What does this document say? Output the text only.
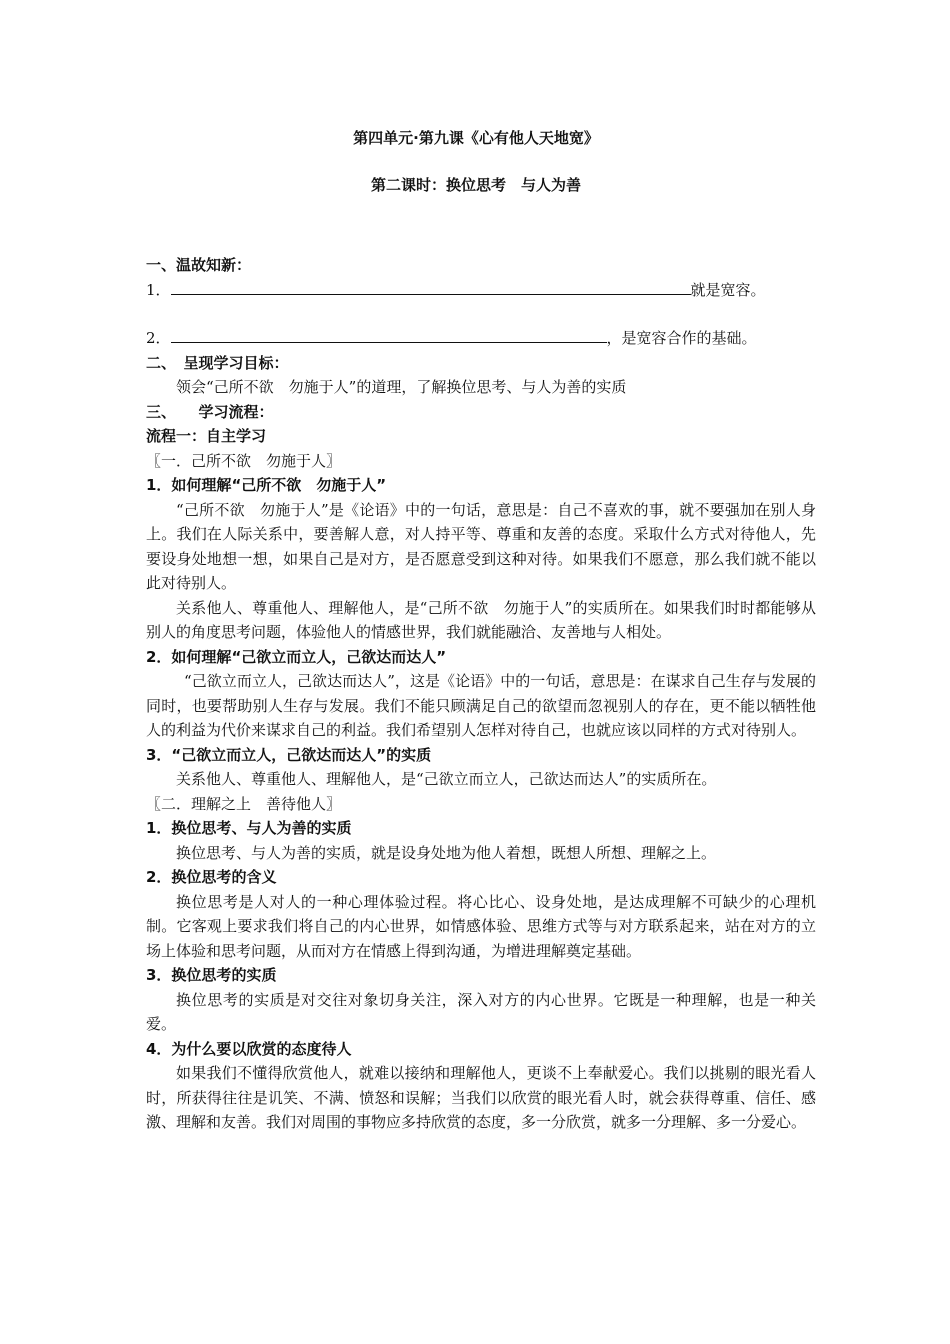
第四单元·第九课《心有他人天地宽》
第二课时：换位思考　与人为善
一、温故知新：
1．	就是宽容。
2．	，是宽容合作的基础。
二、　呈现学习目标：
领会“己所不欲　勿施于人”的道理，了解换位思考、与人为善的实质
三、　　学习流程：
流程一：自主学习
〖一．己所不欲　勿施于人〗
1．如何理解“己所不欲　勿施于人”
“己所不欲　勿施于人”是《论语》中的一句话，意思是：自己不喜欢的事，就不要强加在别人身上。我们在人际关系中，要善解人意，对人持平等、尊重和友善的态度。采取什么方式对待他人，先要设身处地想一想，如果自己是对方，是否愿意受到这种对待。如果我们不愿意，那么我们就不能以此对待别人。
关系他人、尊重他人、理解他人，是“己所不欲　勿施于人”的实质所在。如果我们时时都能够从别人的角度思考问题，体验他人的情感世界，我们就能融洽、友善地与人相处。
2．如何理解“己欲立而立人，己欲达而达人”
“己欲立而立人，己欲达而达人”，这是《论语》中的一句话，意思是：在谋求自己生存与发展的同时，也要帮助别人生存与发展。我们不能只顾满足自己的欲望而忽视别人的存在，更不能以牺牲他人的利益为代价来谋求自己的利益。我们希望别人怎样对待自己，也就应该以同样的方式对待别人。
3．“己欲立而立人，己欲达而达人”的实质
关系他人、尊重他人、理解他人，是“己欲立而立人，己欲达而达人”的实质所在。
〖二．理解之上　善待他人〗
1．换位思考、与人为善的实质
换位思考、与人为善的实质，就是设身处地为他人着想，既想人所想、理解之上。
2．换位思考的含义
换位思考是人对人的一种心理体验过程。将心比心、设身处地，是达成理解不可缺少的心理机制。它客观上要求我们将自己的内心世界，如情感体验、思维方式等与对方联系起来，站在对方的立场上体验和思考问题，从而对方在情感上得到沟通，为增进理解奠定基础。
3．换位思考的实质
换位思考的实质是对交往对象切身关注，深入对方的内心世界。它既是一种理解，也是一种关爱。
4．为什么要以欣赏的态度待人
如果我们不懂得欣赏他人，就难以接纳和理解他人，更谈不上奉献爱心。我们以挑剔的眼光看人时，所获得往往是讥笑、不满、愤怒和误解；当我们以欣赏的眼光看人时，就会获得尊重、信任、感激、理解和友善。我们对周围的事物应多持欣赏的态度，多一分欣赏，就多一分理解、多一分爱心。
